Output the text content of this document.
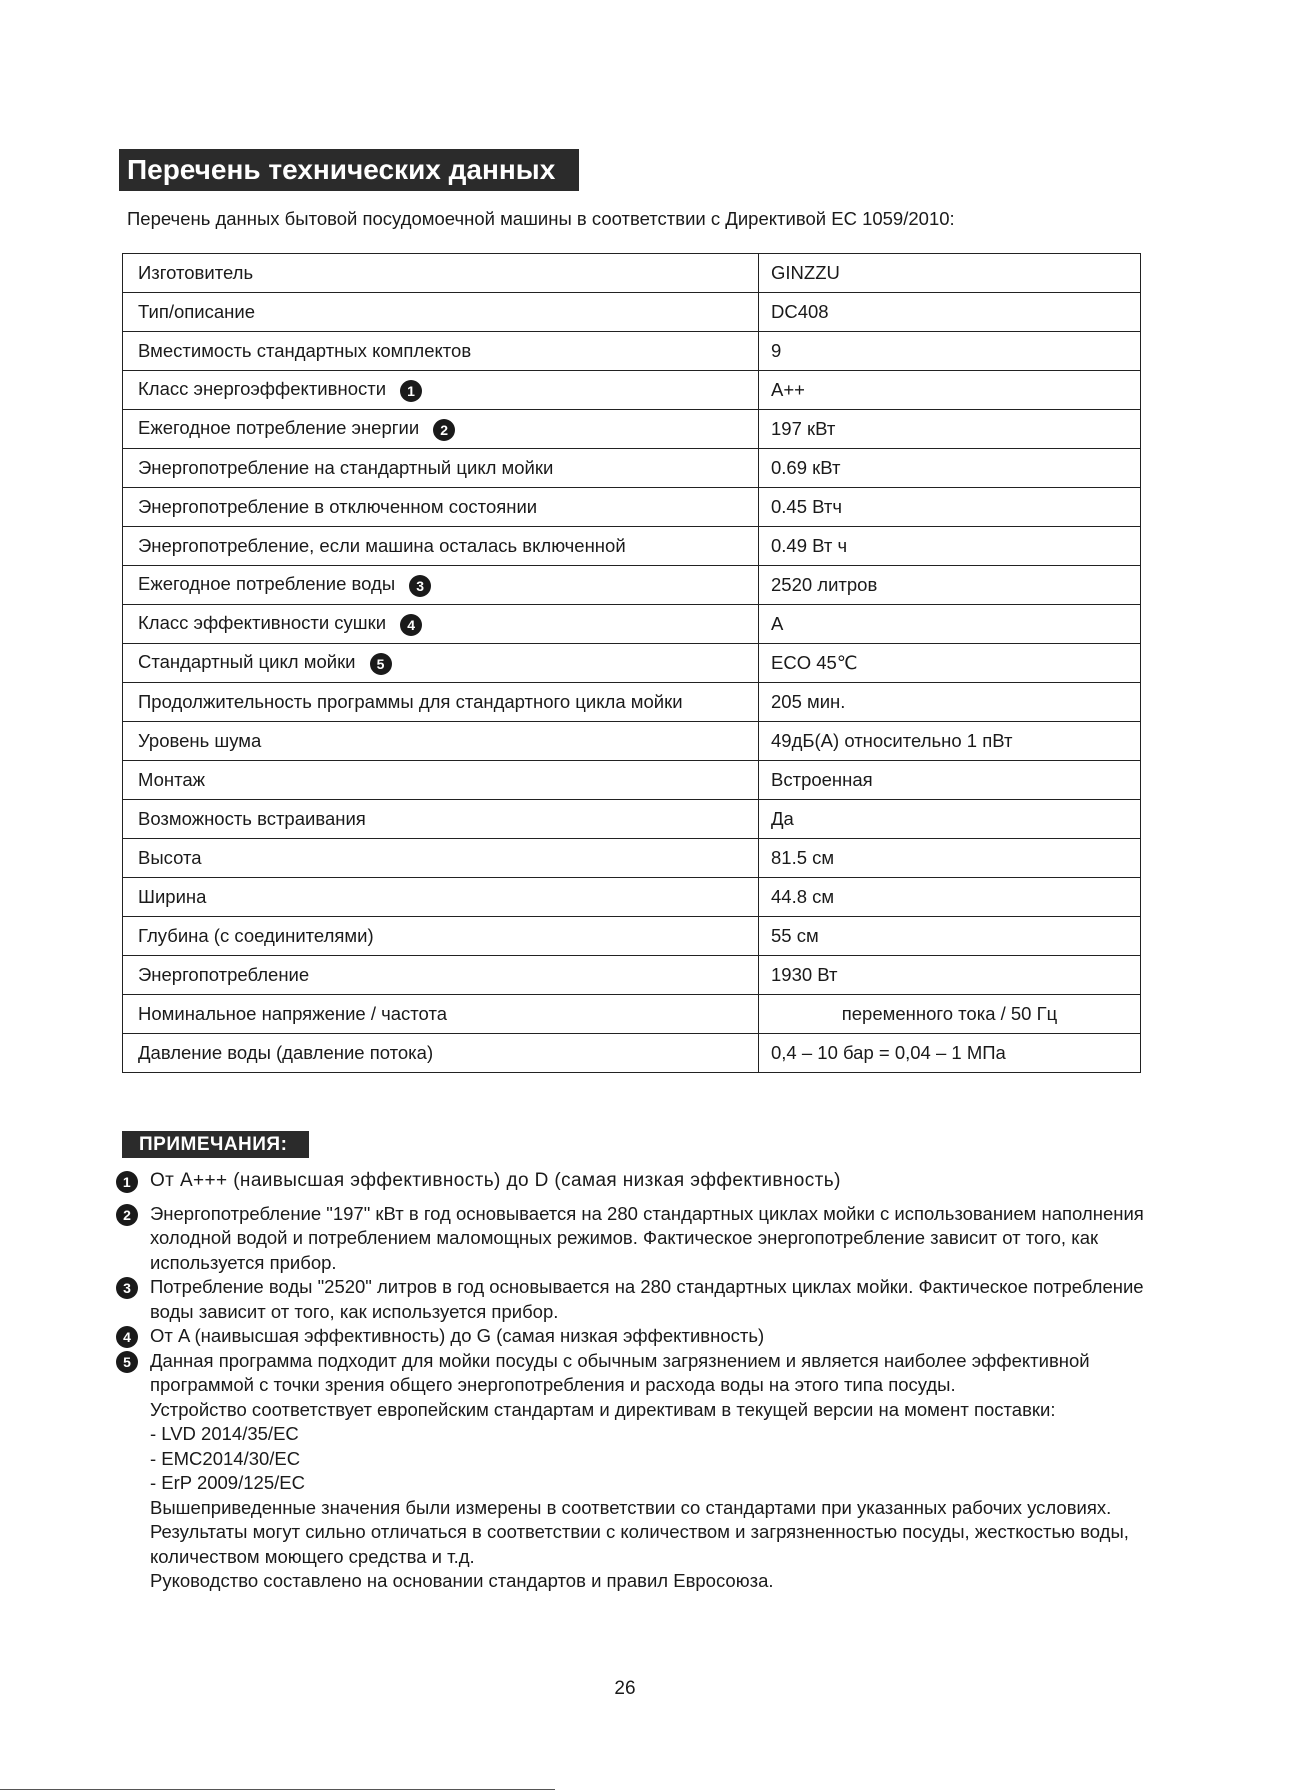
Перечень технических данных
Перечень данных бытовой посудомоечной машины в соответствии с Директивой ЕС 1059/2010:
Изготовитель	GINZZU
Тип/описание	DC408
Вместимость стандартных комплектов	9
Класс энергоэффективности 1	A++
Ежегодное потребление энергии 2	197 кВт
Энергопотребление на стандартный цикл мойки	0.69 кВт
Энергопотребление в отключенном состоянии	0.45 Втч
Энергопотребление, если машина осталась включенной	0.49 Вт ч
Ежегодное потребление воды 3	2520 литров
Класс эффективности сушки 4	A
Стандартный цикл мойки 5	ECO 45℃
Продолжительность программы для стандартного цикла мойки	205 мин.
Уровень шума	49дБ(A) относительно 1 пВт
Монтаж	Встроенная
Возможность встраивания	Да
Высота	81.5 см
Ширина	44.8 см
Глубина (с соединителями)	55 см
Энергопотребление	1930 Вт
Номинальное напряжение / частота	переменного тока / 50 Гц
Давление воды (давление потока)	0,4 – 10 бар = 0,04 – 1 МПа
ПРИМЕЧАНИЯ:
1 От A+++ (наивысшая эффективность) до D (самая низкая эффективность)
2	Энергопотребление "197" кВт в год основывается на 280 стандартных циклах мойки с использованием наполнения холодной водой и потреблением маломощных режимов. Фактическое энергопотребление зависит от того, как используется прибор.
3	Потребление воды "2520" литров в год основывается на 280 стандартных циклах мойки. Фактическое потребление воды зависит от того, как используется прибор.
4	От A (наивысшая эффективность) до G (самая низкая эффективность)
5	Данная программа подходит для мойки посуды с обычным загрязнением и является наиболее эффективной программой с точки зрения общего энергопотребления и расхода воды на этого типа посуды.
Устройство соответствует европейским стандартам и директивам в текущей версии на момент поставки:
- LVD 2014/35/EC
- EMC2014/30/EC
- ErP 2009/125/EC
Вышеприведенные значения были измерены в соответствии со стандартами при указанных рабочих условиях. Результаты могут сильно отличаться в соответствии с количеством и загрязненностью посуды, жесткостью воды, количеством моющего средства и т.д.
Руководство составлено на основании стандартов и правил Евросоюза.
26
